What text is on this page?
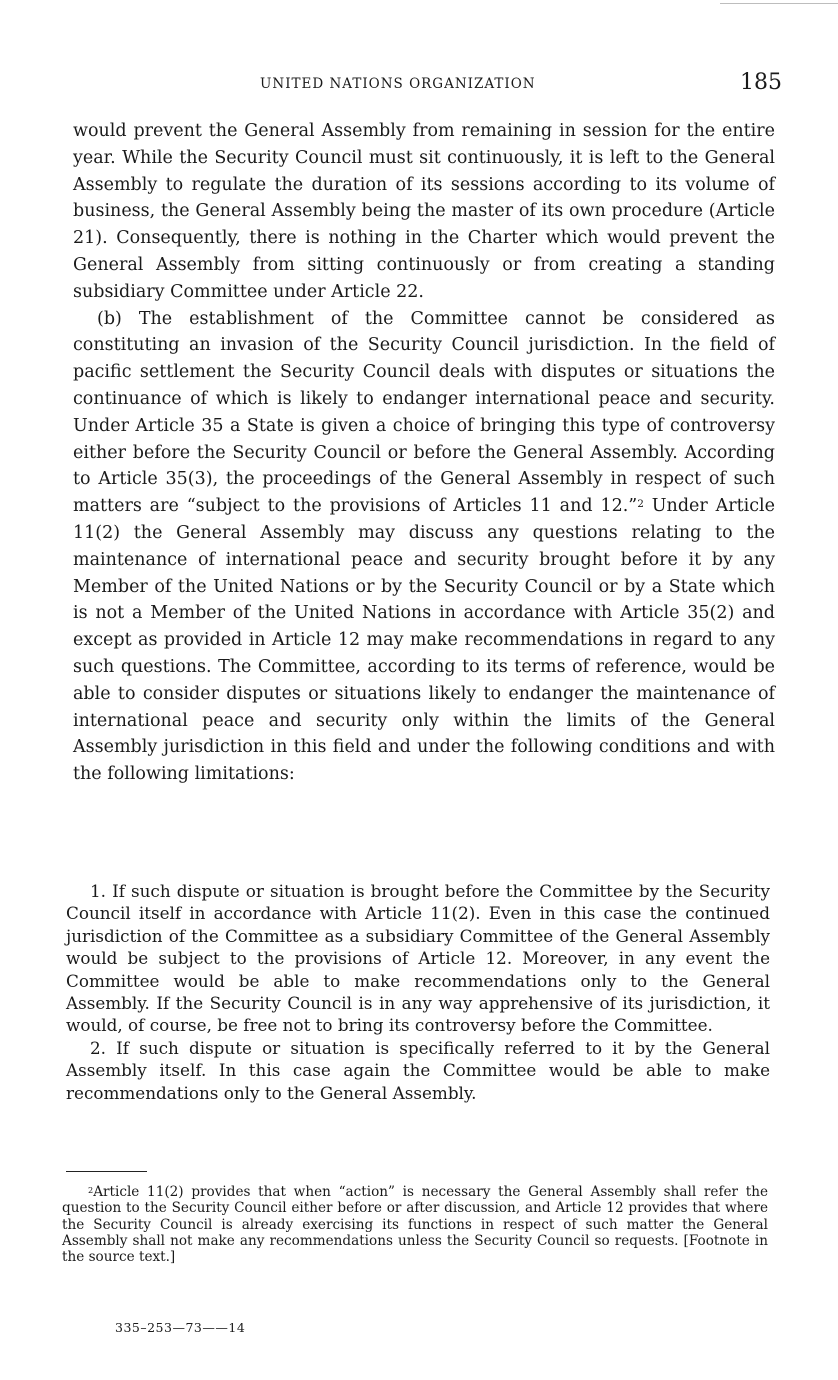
UNITED NATIONS ORGANIZATION	185

would prevent the General Assembly from remaining in session for the entire year. While the Security Council must sit continuously, it is left to the General Assembly to regulate the duration of its sessions according to its volume of business, the General Assembly being the master of its own procedure (Article 21). Consequently, there is nothing in the Charter which would prevent the General Assembly from sitting continuously or from creating a standing subsidiary Committee under Article 22.

(b) The establishment of the Committee cannot be considered as constituting an invasion of the Security Council jurisdiction. In the field of pacific settlement the Security Council deals with disputes or situations the continuance of which is likely to endanger international peace and security. Under Article 35 a State is given a choice of bringing this type of controversy either before the Security Council or before the General Assembly. According to Article 35(3), the proceedings of the General Assembly in respect of such matters are “subject to the provisions of Articles 11 and 12.”$^2$ Under Article 11(2) the General Assembly may discuss any questions relating to the maintenance of international peace and security brought before it by any Member of the United Nations or by the Security Council or by a State which is not a Member of the United Nations in accordance with Article 35(2) and except as provided in Article 12 may make recommendations in regard to any such questions. The Committee, according to its terms of reference, would be able to consider disputes or situations likely to endanger the maintenance of international peace and security only within the limits of the General Assembly jurisdiction in this field and under the following conditions and with the following limitations:

1. If such dispute or situation is brought before the Committee by the Security Council itself in accordance with Article 11(2). Even in this case the continued jurisdiction of the Committee as a subsidiary Committee of the General Assembly would be subject to the provisions of Article 12. Moreover, in any event the Committee would be able to make recommendations only to the General Assembly. If the Security Council is in any way apprehensive of its jurisdiction, it would, of course, be free not to bring its controversy before the Committee.

2. If such dispute or situation is specifically referred to it by the General Assembly itself. In this case again the Committee would be able to make recommendations only to the General Assembly.

$^2$Article 11(2) provides that when “action” is necessary the General Assembly shall refer the question to the Security Council either before or after discussion, and Article 12 provides that where the Security Council is already exercising its functions in respect of such matter the General Assembly shall not make any recommendations unless the Security Council so requests. [Footnote in the source text.]

335–253—73——14
